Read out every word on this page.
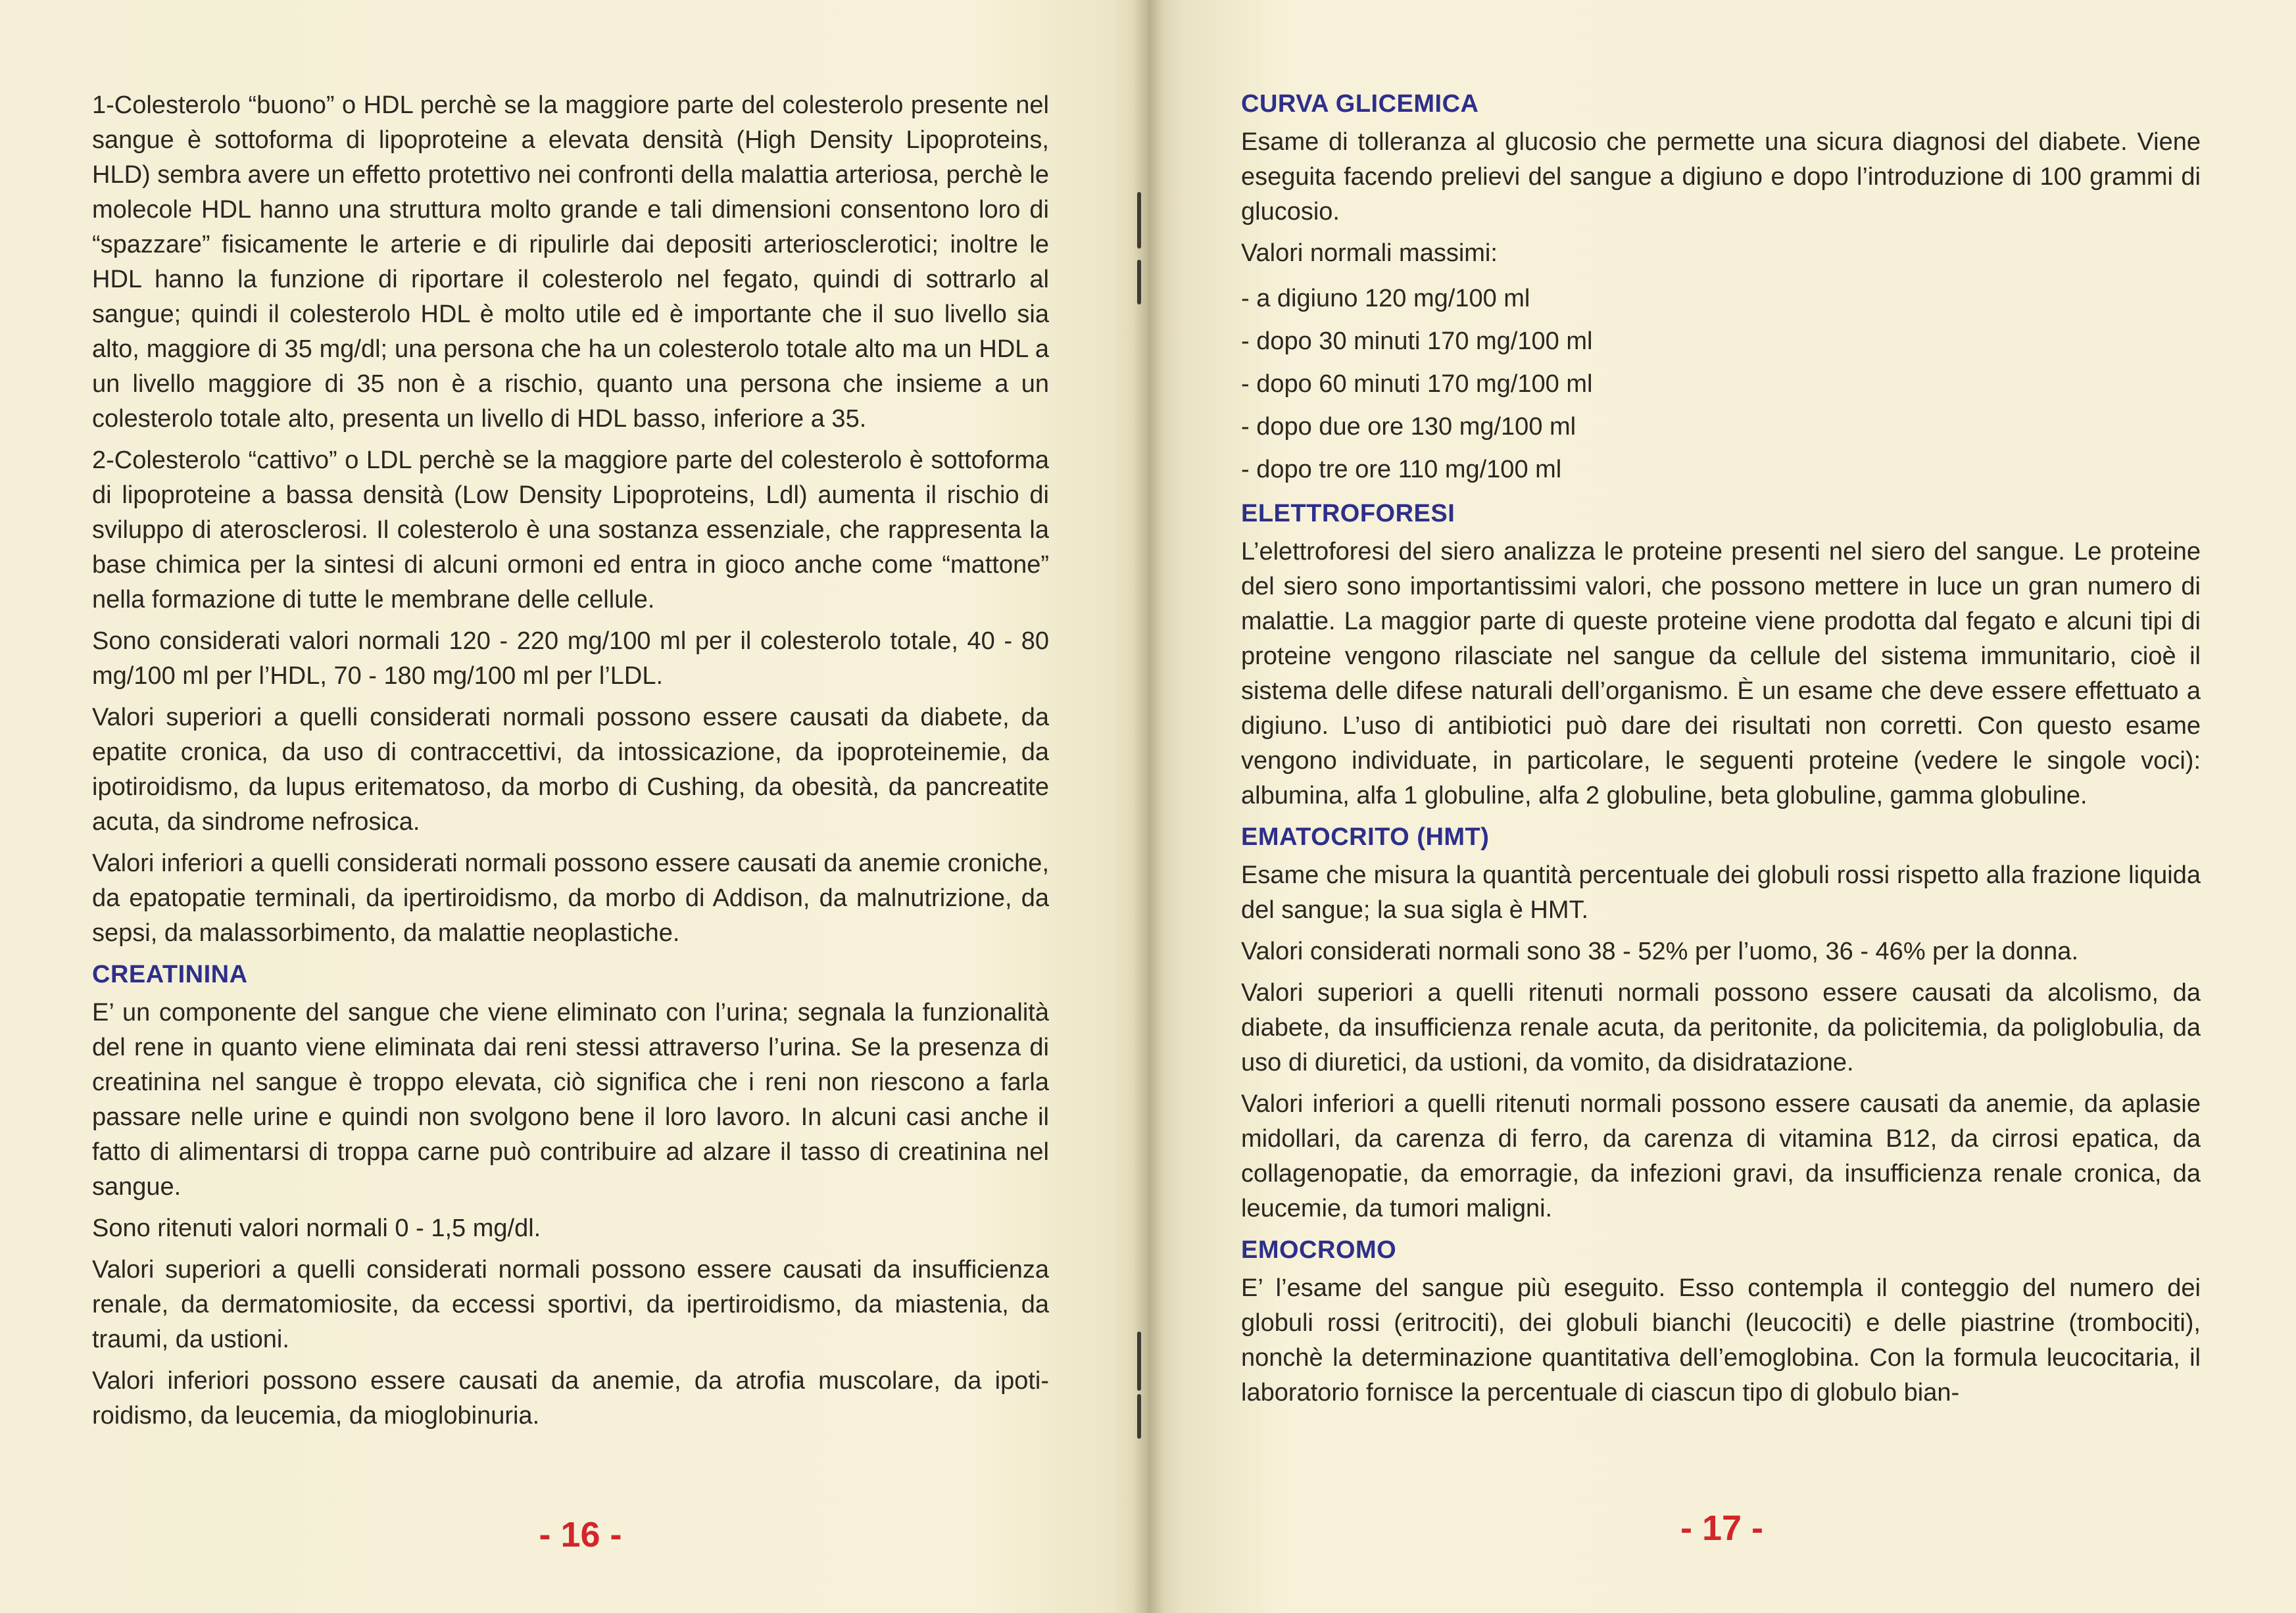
1-Colesterolo “buono” o HDL perchè se la maggiore parte del colesterolo presente nel sangue è sottoforma di lipoproteine a elevata densità (High Density Lipoproteins, HLD) sembra avere un effetto protettivo nei confronti della malattia arteriosa, perchè le molecole HDL hanno una struttura molto grande e tali dimensioni consentono loro di “spazzare” fisicamente le arterie e di ripulirle dai depositi arteriosclerotici; inoltre le HDL hanno la funzione di riportare il colesterolo nel fegato, quindi di sottrarlo al sangue; quindi il colesterolo HDL è molto utile ed è importante che il suo livello sia alto, maggiore di 35 mg/dl; una persona che ha un colesterolo totale alto ma un HDL a un livello maggiore di 35 non è a rischio, quanto una persona che insieme a un colesterolo totale alto, presenta un livello di HDL basso, inferiore a 35.

2-Colesterolo “cattivo” o LDL perchè se la maggiore parte del colesterolo è sottoforma di lipoproteine a bassa densità (Low Density Lipoproteins, Ldl) aumenta il rischio di sviluppo di aterosclerosi. Il colesterolo è una sostanza essenziale, che rappresenta la base chimica per la sintesi di alcuni ormoni ed entra in gioco anche come “mattone” nella formazione di tutte le membrane delle cellule.

Sono considerati valori normali 120 - 220 mg/100 ml per il colesterolo totale, 40 - 80 mg/100 ml per l’HDL, 70 - 180 mg/100 ml per l’LDL.

Valori superiori a quelli considerati normali possono essere causati da diabete, da epatite cronica, da uso di contraccettivi, da intossicazione, da ipoproteinemie, da ipotiroidismo, da lupus eritematoso, da morbo di Cushing, da obesità, da pancreatite acuta, da sindrome nefrosica.

Valori inferiori a quelli considerati normali possono essere causati da anemie croniche, da epatopatie terminali, da ipertiroidismo, da morbo di Addison, da malnutrizione, da sepsi, da malassorbimento, da malattie neoplastiche.

CREATININA

E’ un componente del sangue che viene eliminato con l’urina; segnala la funzionalità del rene in quanto viene eliminata dai reni stessi attraverso l’urina. Se la presenza di creatinina nel sangue è troppo elevata, ciò significa che i reni non riescono a farla passare nelle urine e quindi non svolgono bene il loro lavoro. In alcuni casi anche il fatto di alimentarsi di troppa carne può contribuire ad alzare il tasso di creatinina nel sangue.

Sono ritenuti valori normali 0 - 1,5 mg/dl.

Valori superiori a quelli considerati normali possono essere causati da insufficienza renale, da dermatomiosite, da eccessi sportivi, da ipertiroidismo, da miastenia, da traumi, da ustioni.

Valori inferiori possono essere causati da anemie, da atrofia muscolare, da ipotiroidismo, da leucemia, da mioglobinuria.

- 16 -
CURVA GLICEMICA

Esame di tolleranza al glucosio che permette una sicura diagnosi del diabete. Viene eseguita facendo prelievi del sangue a digiuno e dopo l’introduzione di 100 grammi di glucosio.

Valori normali massimi:

- a digiuno 120 mg/100 ml

- dopo 30 minuti 170 mg/100 ml

- dopo 60 minuti 170 mg/100 ml

- dopo due ore 130 mg/100 ml

- dopo tre ore 110 mg/100 ml

ELETTROFORESI

L’elettroforesi del siero analizza le proteine presenti nel siero del sangue. Le proteine del siero sono importantissimi valori, che possono mettere in luce un gran numero di malattie. La maggior parte di queste proteine viene prodotta dal fegato e alcuni tipi di proteine vengono rilasciate nel sangue da cellule del sistema immunitario, cioè il sistema delle difese naturali dell’organismo. È un esame che deve essere effettuato a digiuno. L’uso di antibiotici può dare dei risultati non corretti. Con questo esame vengono individuate, in particolare, le seguenti proteine (vedere le singole voci): albumina, alfa 1 globuline, alfa 2 globuline, beta globuline, gamma globuline.

EMATOCRITO (HMT)

Esame che misura la quantità percentuale dei globuli rossi rispetto alla frazione liquida del sangue; la sua sigla è HMT.

Valori considerati normali sono 38 - 52% per l’uomo, 36 - 46% per la donna.

Valori superiori a quelli ritenuti normali possono essere causati da alcolismo, da diabete, da insufficienza renale acuta, da peritonite, da policitemia, da poliglobulia, da uso di diuretici, da ustioni, da vomito, da disidratazione.

Valori inferiori a quelli ritenuti normali possono essere causati da anemie, da aplasie midollari, da carenza di ferro, da carenza di vitamina B12, da cirrosi epatica, da collagenopatie, da emorragie, da infezioni gravi, da insufficienza renale cronica, da leucemie, da tumori maligni.

EMOCROMO

E’ l’esame del sangue più eseguito. Esso contempla il conteggio del numero dei globuli rossi (eritrociti), dei globuli bianchi (leucociti) e delle piastrine (trombociti), nonchè la determinazione quantitativa dell’emoglobina. Con la formula leucocitaria, il laboratorio fornisce la percentuale di ciascun tipo di globulo bian-

- 17 -
